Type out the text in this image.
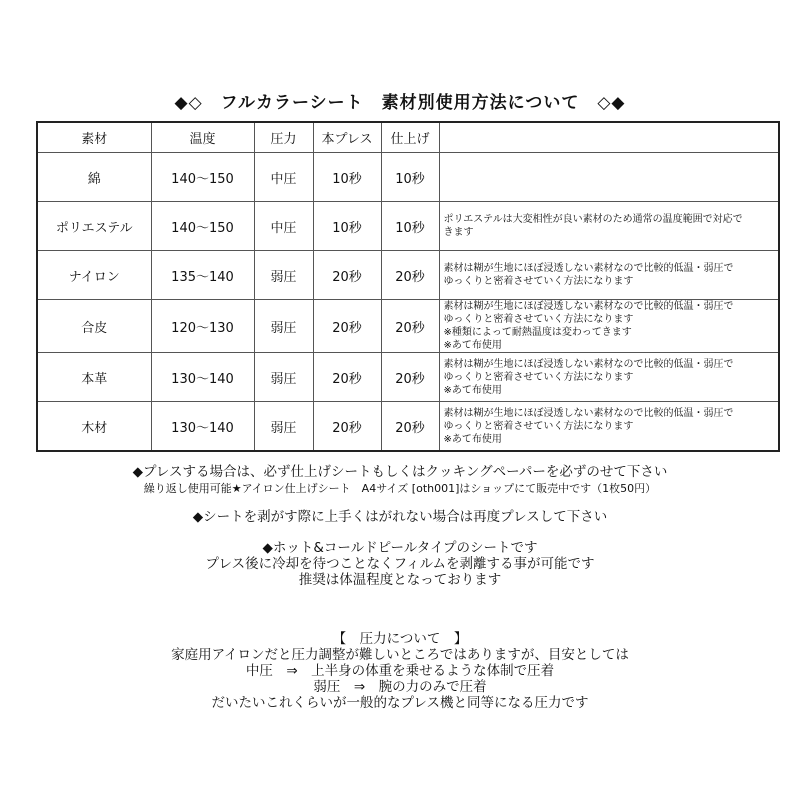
◆◇　フルカラーシート　素材別使用方法について　◇◆
素材	温度	圧力	本プレス	仕上げ	
綿	140〜150	中圧	10秒	10秒	
ポリエステル	140〜150	中圧	10秒	10秒	ポリエステルは大変相性が良い素材のため通常の温度範囲で対応で
きます

ナイロン	135〜140	弱圧	20秒	20秒	素材は糊が生地にほぼ浸透しない素材なので比較的低温・弱圧で
ゆっくりと密着させていく方法になります

合皮	120〜130	弱圧	20秒	20秒	素材は糊が生地にほぼ浸透しない素材なので比較的低温・弱圧で
ゆっくりと密着させていく方法になります
※種類によって耐熱温度は変わってきます
※あて布使用

本革	130〜140	弱圧	20秒	20秒	素材は糊が生地にほぼ浸透しない素材なので比較的低温・弱圧で
ゆっくりと密着させていく方法になります
※あて布使用

木材	130〜140	弱圧	20秒	20秒	素材は糊が生地にほぼ浸透しない素材なので比較的低温・弱圧で
ゆっくりと密着させていく方法になります
※あて布使用
◆プレスする場合は、必ず仕上げシートもしくはクッキングペーパーを必ずのせて下さい
繰り返し使用可能★アイロン仕上げシート　A4サイズ [oth001]はショップにて販売中です（1枚50円）
◆シートを剥がす際に上手くはがれない場合は再度プレスして下さい
◆ホット&コールドピールタイプのシートです
プレス後に冷却を待つことなくフィルムを剥離する事が可能です
推奨は体温程度となっております
【　圧力について　】
家庭用アイロンだと圧力調整が難しいところではありますが、目安としては
中圧　⇒　上半身の体重を乗せるような体制で圧着
弱圧　⇒　腕の力のみで圧着
だいたいこれくらいが一般的なプレス機と同等になる圧力です
